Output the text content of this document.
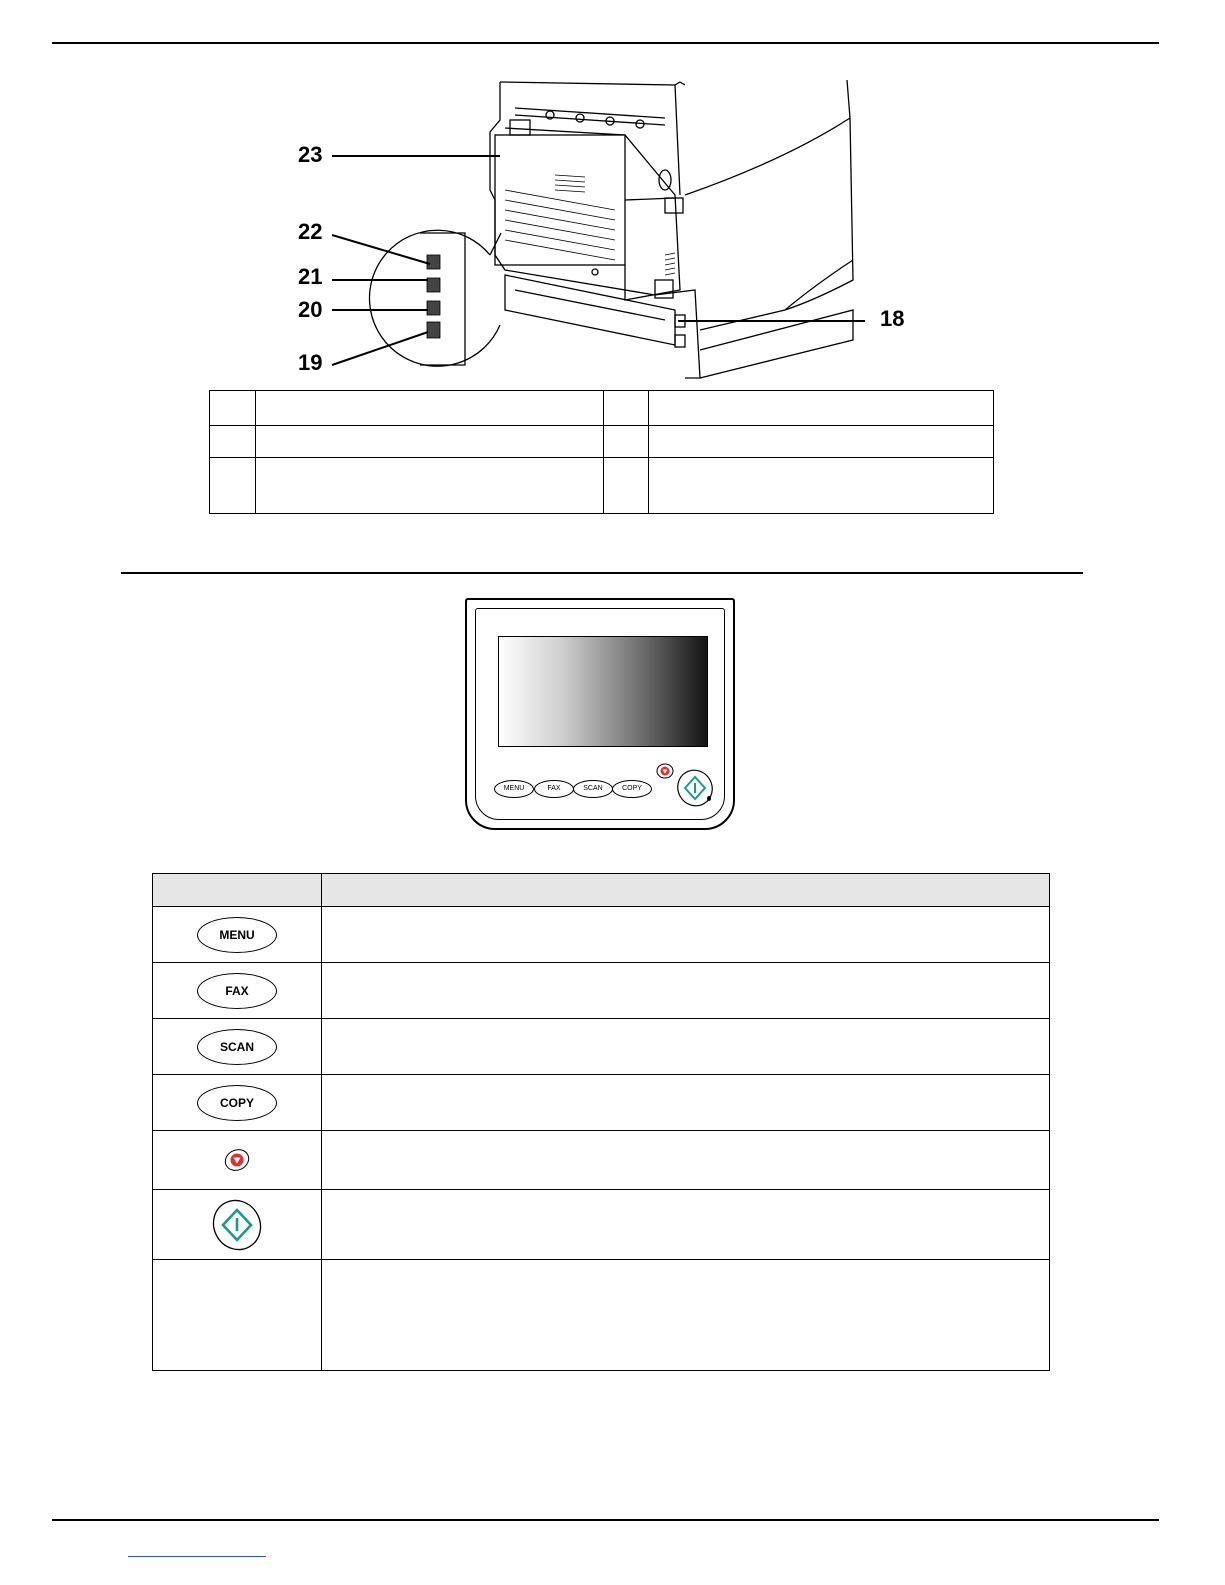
23
22
21
20
19
18

MENU	FAX	SCAN	COPY

MENU	
FAX	
SCAN	
COPY	
